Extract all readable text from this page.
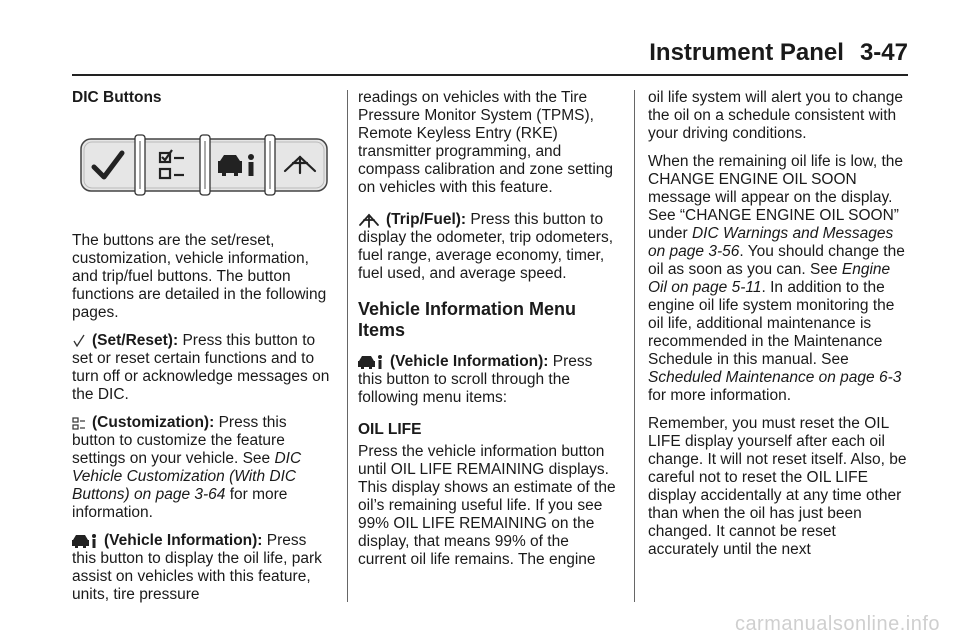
Instrument Panel 3-47

DIC Buttons

The buttons are the set/reset, customization, vehicle information, and trip/fuel buttons. The button functions are detailed in the following pages.

(Set/Reset): Press this button to set or reset certain functions and to turn off or acknowledge messages on the DIC.

(Customization): Press this button to customize the feature settings on your vehicle. See DIC Vehicle Customization (With DIC Buttons) on page 3-64 for more information.

(Vehicle Information): Press this button to display the oil life, park assist on vehicles with this feature, units, tire pressure

readings on vehicles with the Tire Pressure Monitor System (TPMS), Remote Keyless Entry (RKE) transmitter programming, and compass calibration and zone setting on vehicles with this feature.

(Trip/Fuel): Press this button to display the odometer, trip odometers, fuel range, average economy, timer, fuel used, and average speed.

Vehicle Information Menu Items

(Vehicle Information): Press this button to scroll through the following menu items:

OIL LIFE

Press the vehicle information button until OIL LIFE REMAINING displays. This display shows an estimate of the oil’s remaining useful life. If you see 99% OIL LIFE REMAINING on the display, that means 99% of the current oil life remains. The engine

oil life system will alert you to change the oil on a schedule consistent with your driving conditions.

When the remaining oil life is low, the CHANGE ENGINE OIL SOON message will appear on the display. See “CHANGE ENGINE OIL SOON” under DIC Warnings and Messages on page 3-56. You should change the oil as soon as you can. See Engine Oil on page 5-11. In addition to the engine oil life system monitoring the oil life, additional maintenance is recommended in the Maintenance Schedule in this manual. See Scheduled Maintenance on page 6-3 for more information.

Remember, you must reset the OIL LIFE display yourself after each oil change. It will not reset itself. Also, be careful not to reset the OIL LIFE display accidentally at any time other than when the oil has just been changed. It cannot be reset accurately until the next

carmanualsonline.info
